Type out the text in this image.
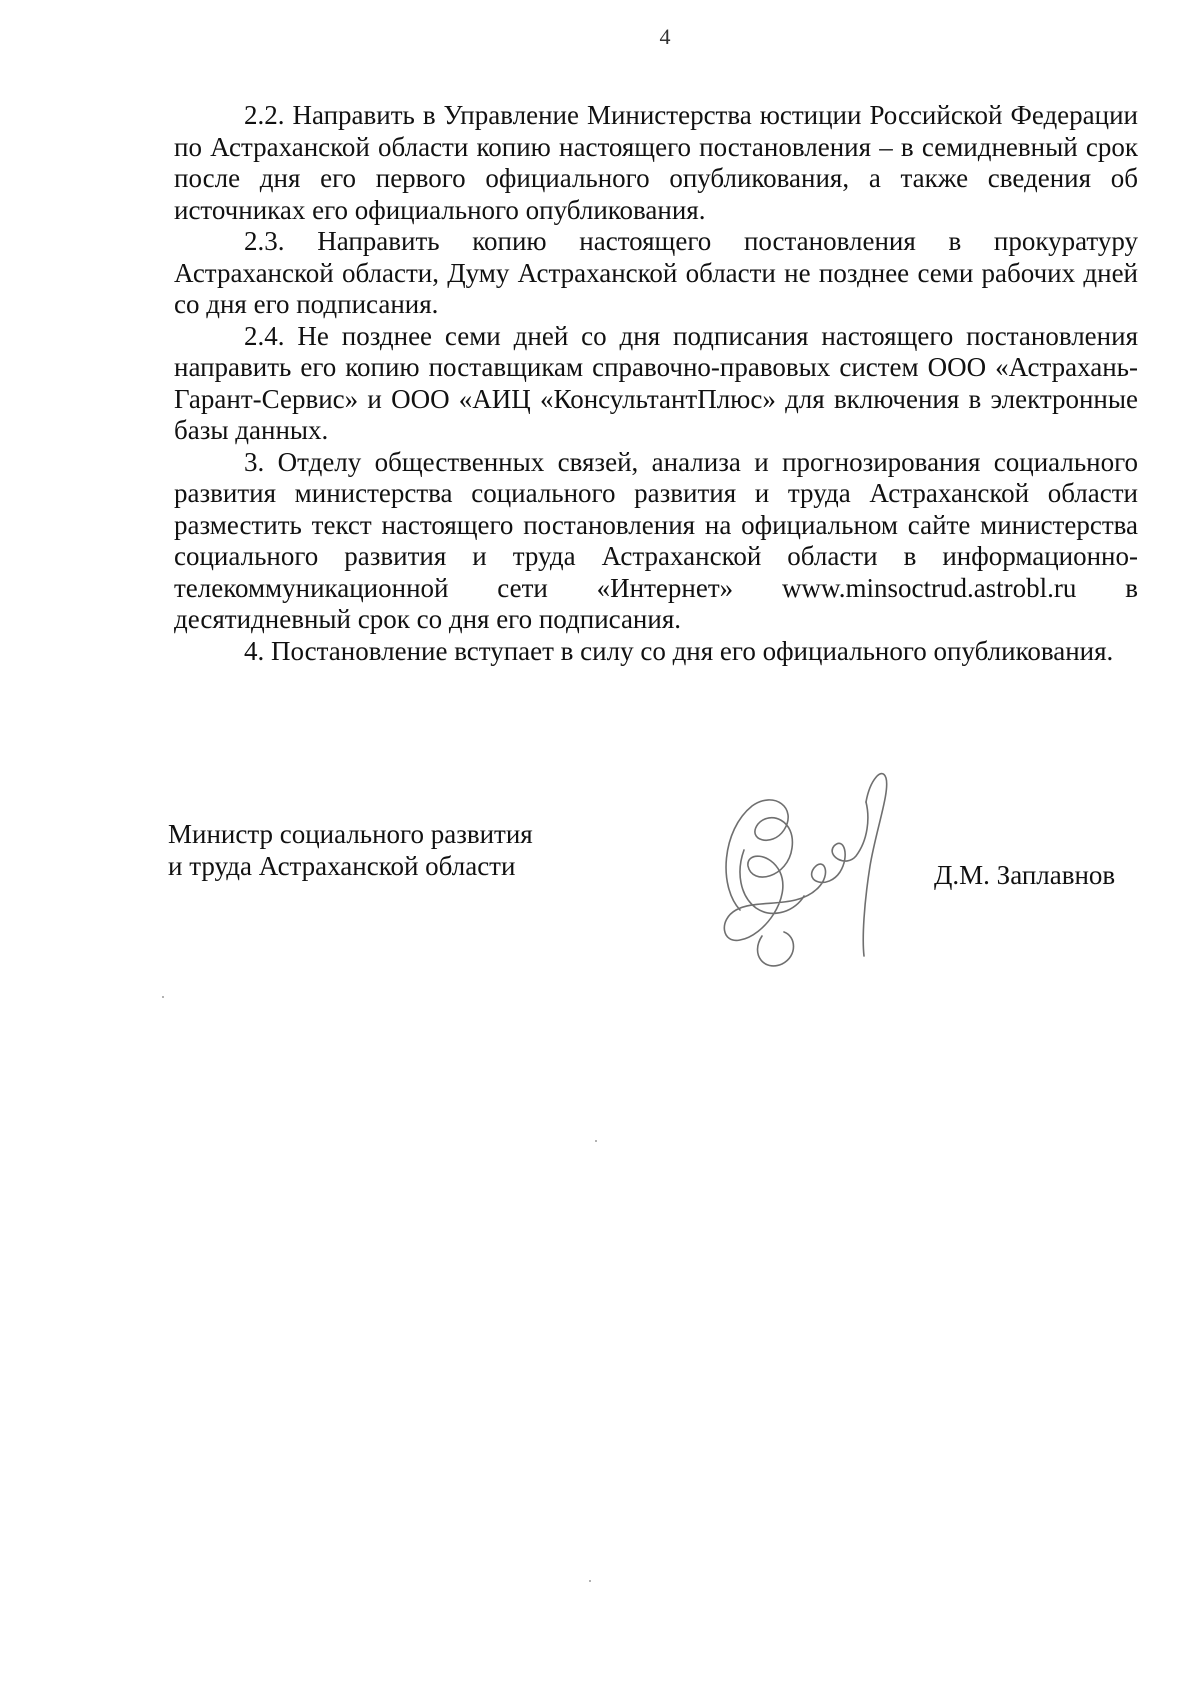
4

2.2. Направить в Управление Министерства юстиции Российской Федерации по Астраханской области копию настоящего постановления – в семидневный срок после дня его первого официального опубликования, а также сведения об источниках его официального опубликования.

2.3. Направить копию настоящего постановления в прокуратуру Астраханской области, Думу Астраханской области не позднее семи рабочих дней со дня его подписания.

2.4. Не позднее семи дней со дня подписания настоящего постановления направить его копию поставщикам справочно-правовых систем ООО «Астрахань-Гарант-Сервис» и ООО «АИЦ «КонсультантПлюс» для включения в электронные базы данных.

3. Отделу общественных связей, анализа и прогнозирования социального развития министерства социального развития и труда Астраханской области разместить текст настоящего постановления на официальном сайте министерства социального развития и труда Астраханской области в информационно-телекоммуникационной сети «Интернет» www.minsoctrud.astrobl.ru в десятидневный срок со дня его подписания.

4. Постановление вступает в силу со дня его официального опубликования.

Министр социального развития
и труда Астраханской области	Д.М. Заплавнов
